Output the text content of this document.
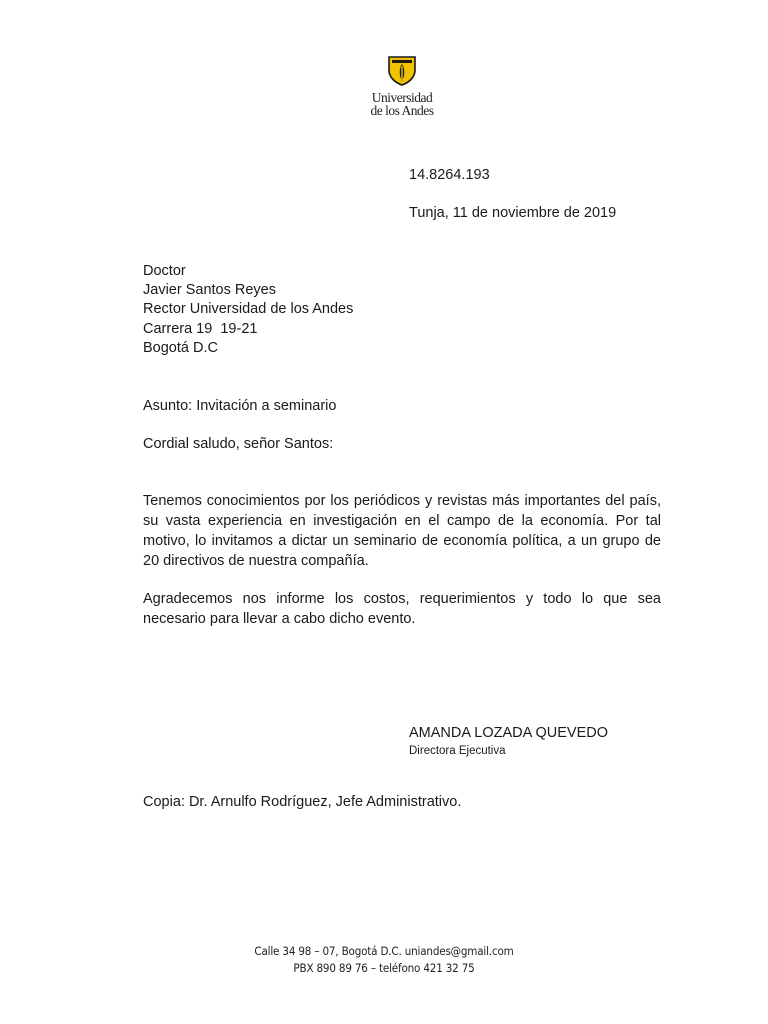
Universidad
de los Andes
14.8264.193
Tunja, 11 de noviembre de 2019
Doctor
Javier Santos Reyes
Rector Universidad de los Andes
Carrera 19  19-21
Bogotá D.C
Asunto: Invitación a seminario
Cordial saludo, señor Santos:

Tenemos conocimientos por los periódicos y revistas más importantes del país, su vasta experiencia en investigación en el campo de la economía. Por tal motivo, lo invitamos a dictar un seminario de economía política, a un grupo de 20 directivos de nuestra compañía.

Agradecemos nos informe los costos, requerimientos y todo lo que sea necesario para llevar a cabo dicho evento.

AMANDA LOZADA QUEVEDO
Directora Ejecutiva
Copia: Dr. Arnulfo Rodríguez, Jefe Administrativo.
Calle 34 98 – 07, Bogotá D.C. uniandes@gmail.com
PBX 890 89 76 – teléfono 421 32 75
